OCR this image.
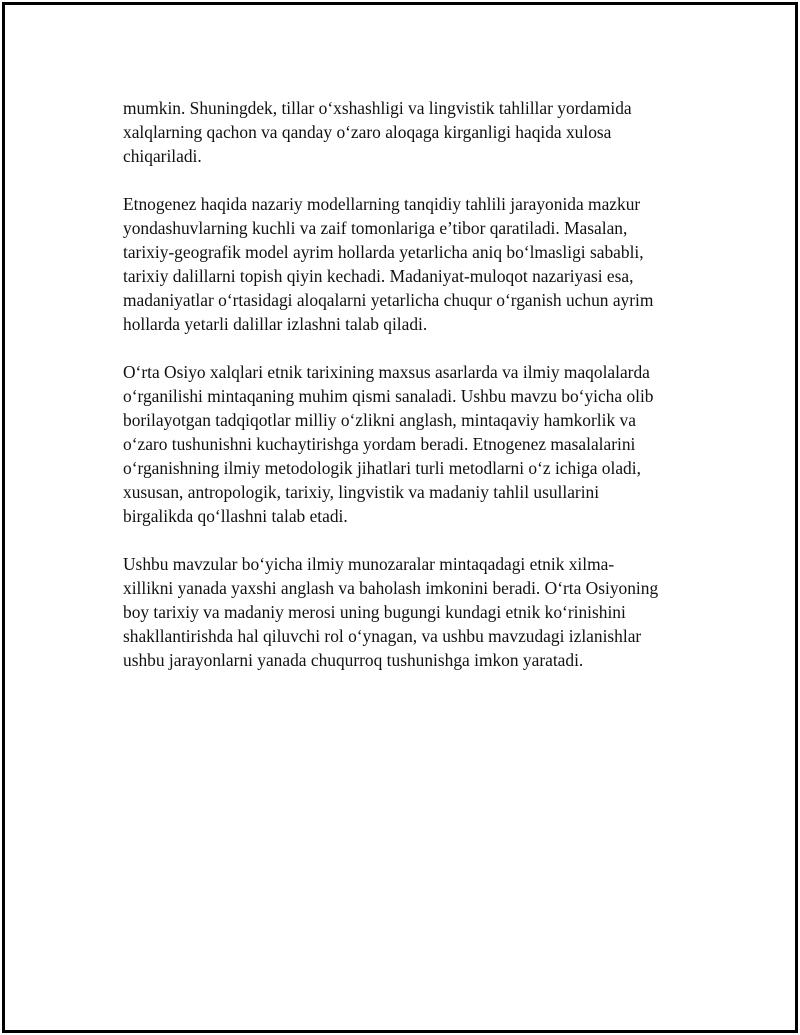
mumkin. Shuningdek, tillar o‘xshashligi va lingvistik tahlillar yordamida
xalqlarning qachon va qanday o‘zaro aloqaga kirganligi haqida xulosa
chiqariladi.

Etnogenez haqida nazariy modellarning tanqidiy tahlili jarayonida mazkur
yondashuvlarning kuchli va zaif tomonlariga e’tibor qaratiladi. Masalan,
tarixiy-geografik model ayrim hollarda yetarlicha aniq bo‘lmasligi sababli,
tarixiy dalillarni topish qiyin kechadi. Madaniyat-muloqot nazariyasi esa,
madaniyatlar o‘rtasidagi aloqalarni yetarlicha chuqur o‘rganish uchun ayrim
hollarda yetarli dalillar izlashni talab qiladi.

O‘rta Osiyo xalqlari etnik tarixining maxsus asarlarda va ilmiy maqolalarda
o‘rganilishi mintaqaning muhim qismi sanaladi. Ushbu mavzu bo‘yicha olib
borilayotgan tadqiqotlar milliy o‘zlikni anglash, mintaqaviy hamkorlik va
o‘zaro tushunishni kuchaytirishga yordam beradi. Etnogenez masalalarini
o‘rganishning ilmiy metodologik jihatlari turli metodlarni o‘z ichiga oladi,
xususan, antropologik, tarixiy, lingvistik va madaniy tahlil usullarini
birgalikda qo‘llashni talab etadi.

Ushbu mavzular bo‘yicha ilmiy munozaralar mintaqadagi etnik xilma-
xillikni yanada yaxshi anglash va baholash imkonini beradi. O‘rta Osiyoning
boy tarixiy va madaniy merosi uning bugungi kundagi etnik ko‘rinishini
shakllantirishda hal qiluvchi rol o‘ynagan, va ushbu mavzudagi izlanishlar
ushbu jarayonlarni yanada chuqurroq tushunishga imkon yaratadi.
